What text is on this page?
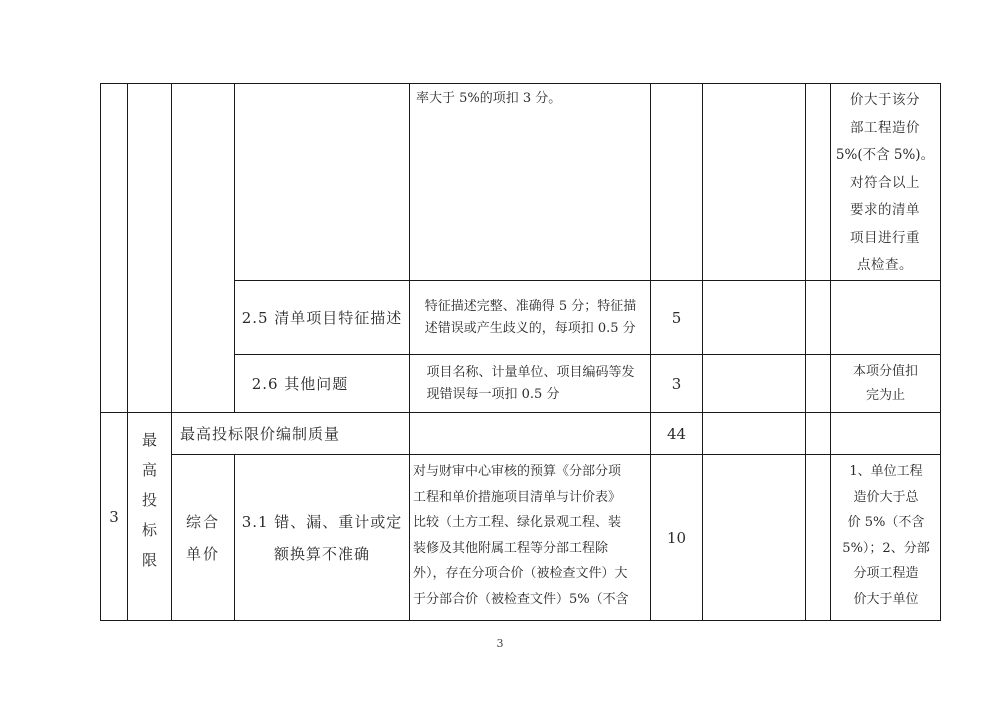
率大于 5%的项扣 3 分。	价大于该分
部工程造价
5%(不含 5%)。
对符合以上
要求的清单
项目进行重
点检查。
2.5 清单项目特征描述
特征描述完整、准确得 5 分；特征描
述错误或产生歧义的，每项扣 0.5 分
5
2.6 其他问题
项目名称、计量单位、项目编码等发
现错误每一项扣 0.5 分
3
本项分值扣
完为止
3
最
高
投
标
限
最高投标限价编制质量	44
综合
单价
3.1 错、漏、重计或定
额换算不准确
对与财审中心审核的预算《分部分项
工程和单价措施项目清单与计价表》
比较（土方工程、绿化景观工程、装
装修及其他附属工程等分部工程除
外），存在分项合价（被检查文件）大
于分部合价（被检查文件）5%（不含
10
1、单位工程
造价大于总
价 5%（不含
5%）；2、分部
分项工程造
价大于单位
3
